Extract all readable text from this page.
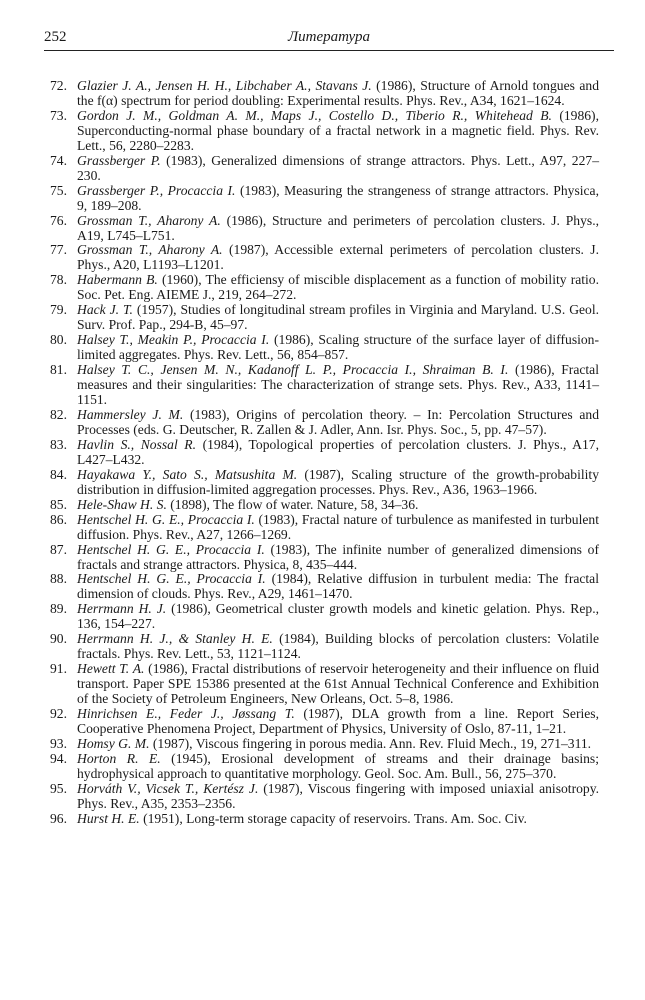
252	Литература
72. Glazier J. A., Jensen H. H., Libchaber A., Stavans J. (1986), Structure of Arnold tongues and the f(α) spectrum for period doubling: Experimental results. Phys. Rev., A34, 1621–1624.
73. Gordon J. M., Goldman A. M., Maps J., Costello D., Tiberio R., Whitehead B. (1986), Superconducting-normal phase boundary of a fractal network in a magnetic field. Phys. Rev. Lett., 56, 2280–2283.
74. Grassberger P. (1983), Generalized dimensions of strange attractors. Phys. Lett., A97, 227–230.
75. Grassberger P., Procaccia I. (1983), Measuring the strangeness of strange attractors. Physica, 9, 189–208.
76. Grossman T., Aharony A. (1986), Structure and perimeters of percolation clusters. J. Phys., A19, L745–L751.
77. Grossman T., Aharony A. (1987), Accessible external perimeters of percolation clusters. J. Phys., A20, L1193–L1201.
78. Habermann B. (1960), The efficiensy of miscible displacement as a function of mobility ratio. Soc. Pet. Eng. AIEME J., 219, 264–272.
79. Hack J. T. (1957), Studies of longitudinal stream profiles in Virginia and Maryland. U.S. Geol. Surv. Prof. Pap., 294-B, 45–97.
80. Halsey T., Meakin P., Procaccia I. (1986), Scaling structure of the surface layer of diffusion-limited aggregates. Phys. Rev. Lett., 56, 854–857.
81. Halsey T. C., Jensen M. N., Kadanoff L. P., Procaccia I., Shraiman B. I. (1986), Fractal measures and their singularities: The characterization of strange sets. Phys. Rev., A33, 1141–1151.
82. Hammersley J. M. (1983), Origins of percolation theory. – In: Percolation Structures and Processes (eds. G. Deutscher, R. Zallen & J. Adler, Ann. Isr. Phys. Soc., 5, pp. 47–57).
83. Havlin S., Nossal R. (1984), Topological properties of percolation clusters. J. Phys., A17, L427–L432.
84. Hayakawa Y., Sato S., Matsushita M. (1987), Scaling structure of the growth-probability distribution in diffusion-limited aggregation processes. Phys. Rev., A36, 1963–1966.
85. Hele-Shaw H. S. (1898), The flow of water. Nature, 58, 34–36.
86. Hentschel H. G. E., Procaccia I. (1983), Fractal nature of turbulence as manifested in turbulent diffusion. Phys. Rev., A27, 1266–1269.
87. Hentschel H. G. E., Procaccia I. (1983), The infinite number of generalized dimensions of fractals and strange attractors. Physica, 8, 435–444.
88. Hentschel H. G. E., Procaccia I. (1984), Relative diffusion in turbulent media: The fractal dimension of clouds. Phys. Rev., A29, 1461–1470.
89. Herrmann H. J. (1986), Geometrical cluster growth models and kinetic gelation. Phys. Rep., 136, 154–227.
90. Herrmann H. J., & Stanley H. E. (1984), Building blocks of percolation clusters: Volatile fractals. Phys. Rev. Lett., 53, 1121–1124.
91. Hewett T. A. (1986), Fractal distributions of reservoir heterogeneity and their influence on fluid transport. Paper SPE 15386 presented at the 61st Annual Technical Conference and Exhibition of the Society of Petroleum Engineers, New Orleans, Oct. 5–8, 1986.
92. Hinrichsen E., Feder J., Jøssang T. (1987), DLA growth from a line. Report Series, Cooperative Phenomena Project, Department of Physics, University of Oslo, 87-11, 1–21.
93. Homsy G. M. (1987), Viscous fingering in porous media. Ann. Rev. Fluid Mech., 19, 271–311.
94. Horton R. E. (1945), Erosional development of streams and their drainage basins; hydrophysical approach to quantitative morphology. Geol. Soc. Am. Bull., 56, 275–370.
95. Horváth V., Vicsek T., Kertész J. (1987), Viscous fingering with imposed uniaxial anisotropy. Phys. Rev., A35, 2353–2356.
96. Hurst H. E. (1951), Long-term storage capacity of reservoirs. Trans. Am. Soc. Civ.
